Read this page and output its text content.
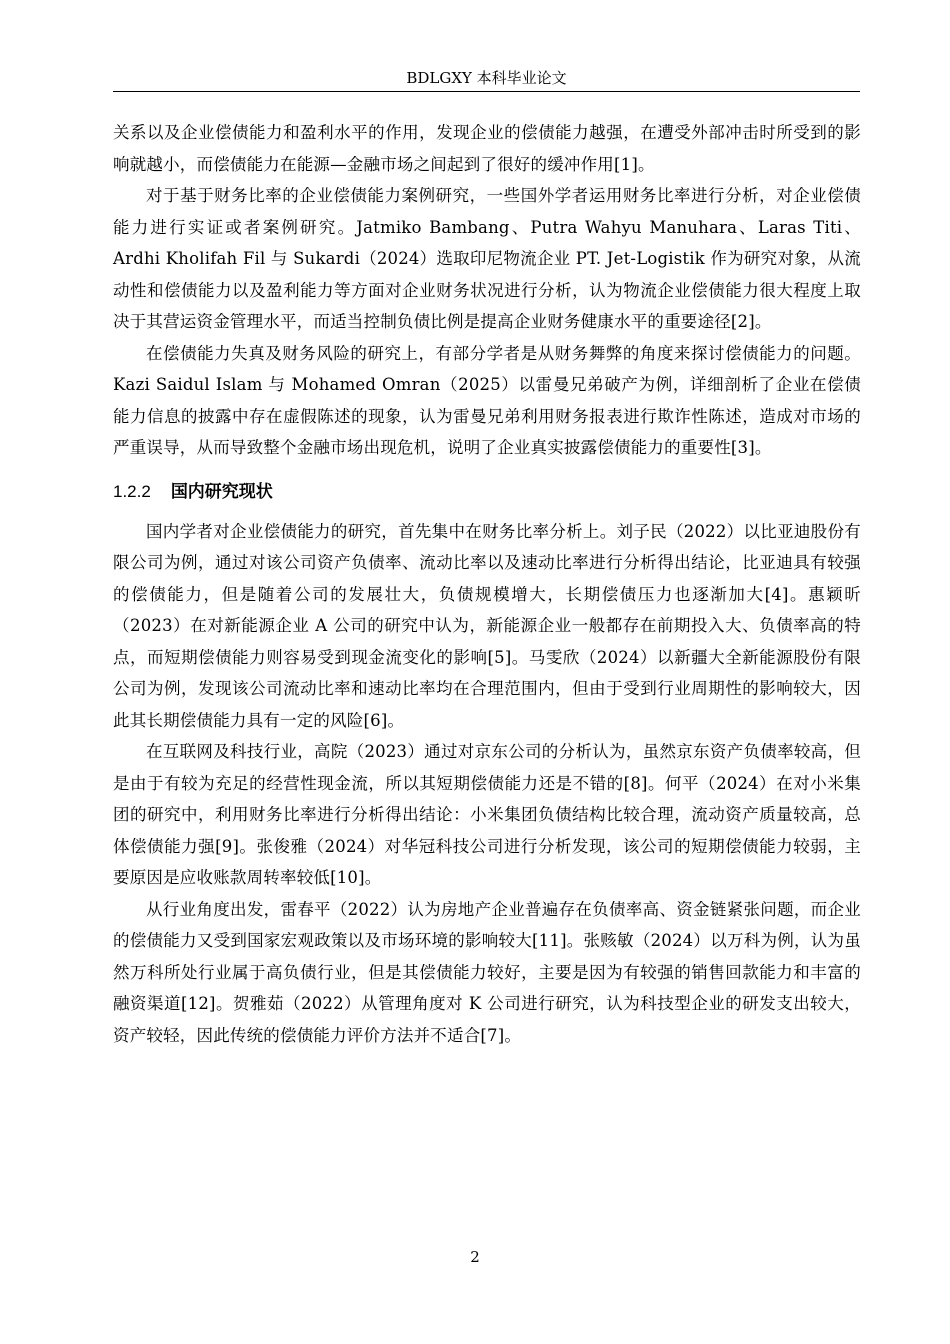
BDLGXY 本科毕业论文

关系以及企业偿债能力和盈利水平的作用，发现企业的偿债能力越强，在遭受外部冲击时所受到的影响就越小，而偿债能力在能源—金融市场之间起到了很好的缓冲作用[1]。

对于基于财务比率的企业偿债能力案例研究，一些国外学者运用财务比率进行分析，对企业偿债能力进行实证或者案例研究。Jatmiko Bambang、Putra Wahyu Manuhara、Laras Titi、Ardhi Kholifah Fil 与 Sukardi（2024）选取印尼物流企业 PT. Jet-Logistik 作为研究对象，从流动性和偿债能力以及盈利能力等方面对企业财务状况进行分析，认为物流企业偿债能力很大程度上取决于其营运资金管理水平，而适当控制负债比例是提高企业财务健康水平的重要途径[2]。

在偿债能力失真及财务风险的研究上，有部分学者是从财务舞弊的角度来探讨偿债能力的问题。Kazi Saidul Islam 与 Mohamed Omran（2025）以雷曼兄弟破产为例，详细剖析了企业在偿债能力信息的披露中存在虚假陈述的现象，认为雷曼兄弟利用财务报表进行欺诈性陈述，造成对市场的严重误导，从而导致整个金融市场出现危机，说明了企业真实披露偿债能力的重要性[3]。

1.2.2 国内研究现状

国内学者对企业偿债能力的研究，首先集中在财务比率分析上。刘子民（2022）以比亚迪股份有限公司为例，通过对该公司资产负债率、流动比率以及速动比率进行分析得出结论，比亚迪具有较强的偿债能力，但是随着公司的发展壮大，负债规模增大，长期偿债压力也逐渐加大[4]。惠颖昕（2023）在对新能源企业 A 公司的研究中认为，新能源企业一般都存在前期投入大、负债率高的特点，而短期偿债能力则容易受到现金流变化的影响[5]。马雯欣（2024）以新疆大全新能源股份有限公司为例，发现该公司流动比率和速动比率均在合理范围内，但由于受到行业周期性的影响较大，因此其长期偿债能力具有一定的风险[6]。

在互联网及科技行业，高院（2023）通过对京东公司的分析认为，虽然京东资产负债率较高，但是由于有较为充足的经营性现金流，所以其短期偿债能力还是不错的[8]。何平（2024）在对小米集团的研究中，利用财务比率进行分析得出结论：小米集团负债结构比较合理，流动资产质量较高，总体偿债能力强[9]。张俊雅（2024）对华冠科技公司进行分析发现，该公司的短期偿债能力较弱，主要原因是应收账款周转率较低[10]。

从行业角度出发，雷春平（2022）认为房地产企业普遍存在负债率高、资金链紧张问题，而企业的偿债能力又受到国家宏观政策以及市场环境的影响较大[11]。张赅敏（2024）以万科为例，认为虽然万科所处行业属于高负债行业，但是其偿债能力较好，主要是因为有较强的销售回款能力和丰富的融资渠道[12]。贺雅茹（2022）从管理角度对 K 公司进行研究，认为科技型企业的研发支出较大，资产较轻，因此传统的偿债能力评价方法并不适合[7]。

2
